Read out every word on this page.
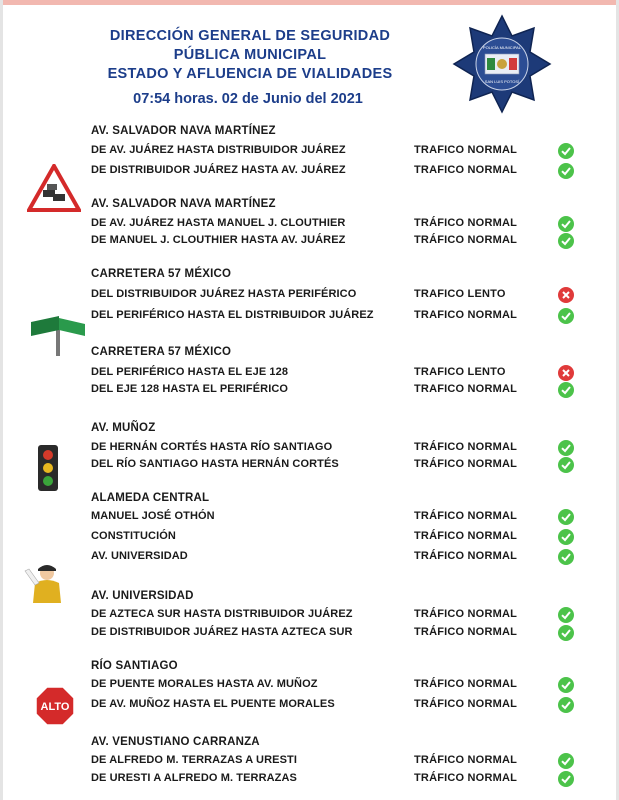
DIRECCIÓN GENERAL DE SEGURIDAD
PÚBLICA MUNICIPAL
ESTADO Y AFLUENCIA DE VIALIDADES
07:54 horas. 02 de Junio del 2021
POLICÍA MUNICIPAL
SAN LUIS POTOSÍ
AV. SALVADOR NAVA MARTÍNEZ
DE AV. JUÁREZ HASTA DISTRIBUIDOR JUÁREZ	TRAFICO NORMAL
DE DISTRIBUIDOR JUÁREZ HASTA AV. JUÁREZ	TRAFICO NORMAL
AV. SALVADOR NAVA MARTÍNEZ
DE AV. JUÁREZ HASTA MANUEL J. CLOUTHIER	TRÁFICO NORMAL
DE MANUEL J. CLOUTHIER HASTA AV. JUÁREZ	TRÁFICO NORMAL
CARRETERA 57 MÉXICO
DEL DISTRIBUIDOR JUÁREZ HASTA PERIFÉRICO	TRAFICO LENTO
DEL PERIFÉRICO HASTA EL DISTRIBUIDOR JUÁREZ	TRAFICO NORMAL
CARRETERA 57 MÉXICO
DEL PERIFÉRICO HASTA EL EJE 128	TRAFICO LENTO
DEL EJE 128 HASTA EL PERIFÉRICO	TRAFICO NORMAL
AV. MUÑOZ
DE HERNÁN CORTÉS HASTA RÍO SANTIAGO	TRÁFICO NORMAL
DEL RÍO SANTIAGO HASTA HERNÁN CORTÉS	TRÁFICO NORMAL
ALAMEDA CENTRAL
MANUEL JOSÉ OTHÓN	TRÁFICO NORMAL
CONSTITUCIÓN	TRÁFICO NORMAL
AV. UNIVERSIDAD	TRÁFICO NORMAL
AV. UNIVERSIDAD
DE AZTECA SUR HASTA DISTRIBUIDOR JUÁREZ	TRÁFICO NORMAL
DE DISTRIBUIDOR JUÁREZ HASTA AZTECA SUR	TRÁFICO NORMAL
RÍO SANTIAGO
DE PUENTE MORALES HASTA AV. MUÑOZ	TRÁFICO NORMAL
DE AV. MUÑOZ HASTA EL PUENTE MORALES	TRÁFICO NORMAL
AV. VENUSTIANO CARRANZA
DE ALFREDO M. TERRAZAS A URESTI	TRÁFICO NORMAL
DE URESTI A ALFREDO M. TERRAZAS	TRÁFICO NORMAL
ALTO
